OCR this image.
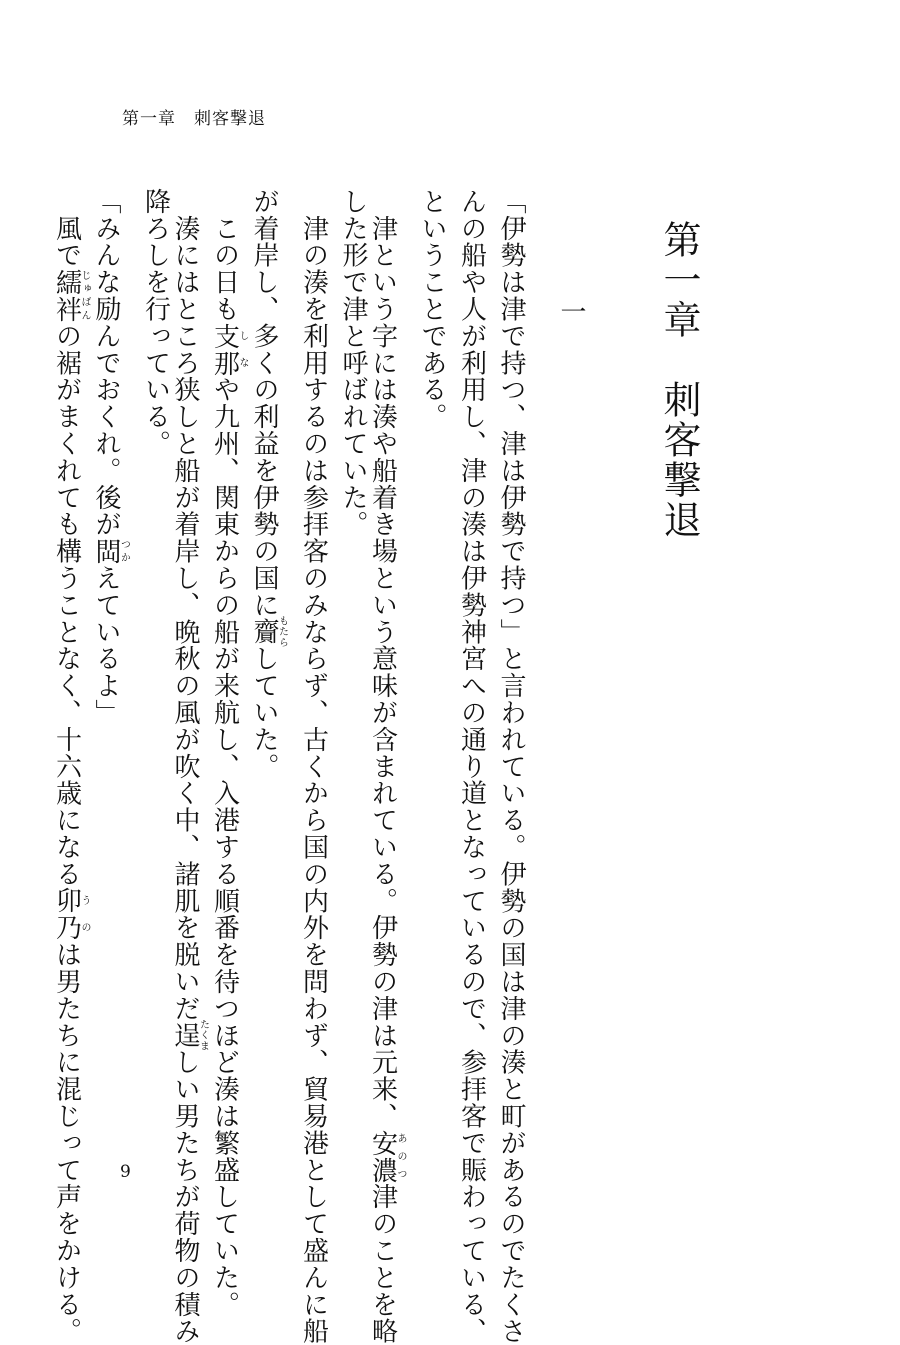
第一章　刺客撃退
第一章　刺客撃退
一
9	「伊勢は津で持つ、津は伊勢で持つ」と言われている。伊勢の国は津の湊と町があるのでたくさ
んの船や人が利用し、津の湊は伊勢神宮への通り道となっているので、参拝客で賑わっている、
ということである。
　津という字には湊や船着き場という意味が含まれている。伊勢の津は元来、安濃あのつ津のことを略
した形で津と呼ばれていた。
　津の湊を利用するのは参拝客のみならず、古くから国の内外を問わず、貿易港として盛んに船
が着岸し、多くの利益を伊勢の国に齎もたらしていた。
　この日も支那しなや九州、関東からの船が来航し、入港する順番を待つほど湊は繁盛していた。
　湊にはところ狭しと船が着岸し、晩秋の風が吹く中、諸肌を脱いだ逞たくましい男たちが荷物の積み
降ろしを行っている。
「みんな励んでおくれ。後が閊つかえているよ」
　風で繻袢じゅばんの裾がまくれても構うことなく、十六歳になる卯乃うのは男たちに混じって声をかける。
